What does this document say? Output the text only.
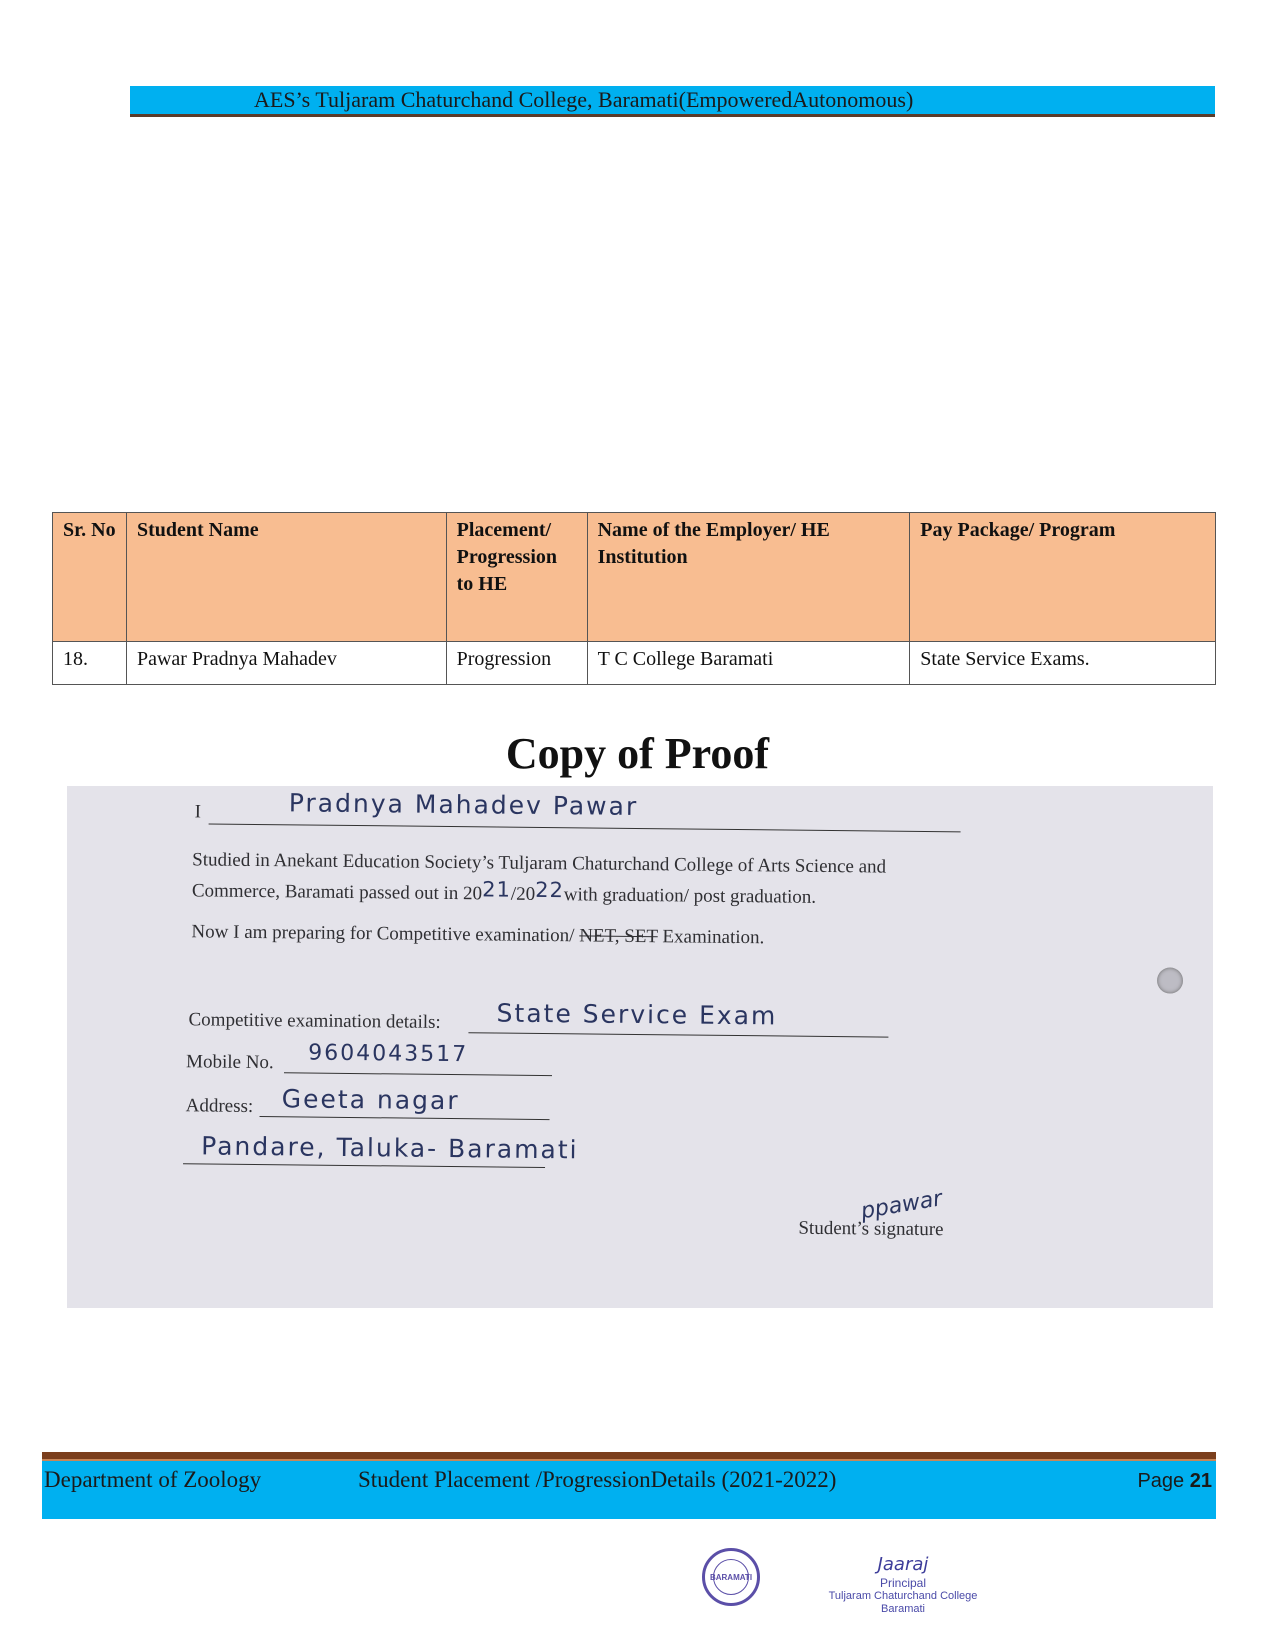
AES’s Tuljaram Chaturchand College, Baramati(EmpoweredAutonomous)
Sr. No	Student Name	Placement/ Progression to HE	Name of the Employer/ HE Institution	Pay Package/ Program
18.	Pawar Pradnya Mahadev	Progression	T C College Baramati	State Service Exams.
Copy of Proof
I	Pradnya Mahadev Pawar
Studied in Anekant Education Society’s Tuljaram Chaturchand College of Arts Science and
Commerce, Baramati passed out in 2021/2022with graduation/ post graduation.
Now I am preparing for Competitive examination/ NET, SET Examination.
Competitive examination details: State Service Exam
Mobile No. 9604043517
Address: Geeta nagar
Pandare, Taluka- Baramati
ppawar
Student’s signature
Department of Zoology	Student Placement /ProgressionDetails (2021-2022)	Page 21
BARAMATI
Jaaraj
Principal
Tuljaram Chaturchand College
Baramati
